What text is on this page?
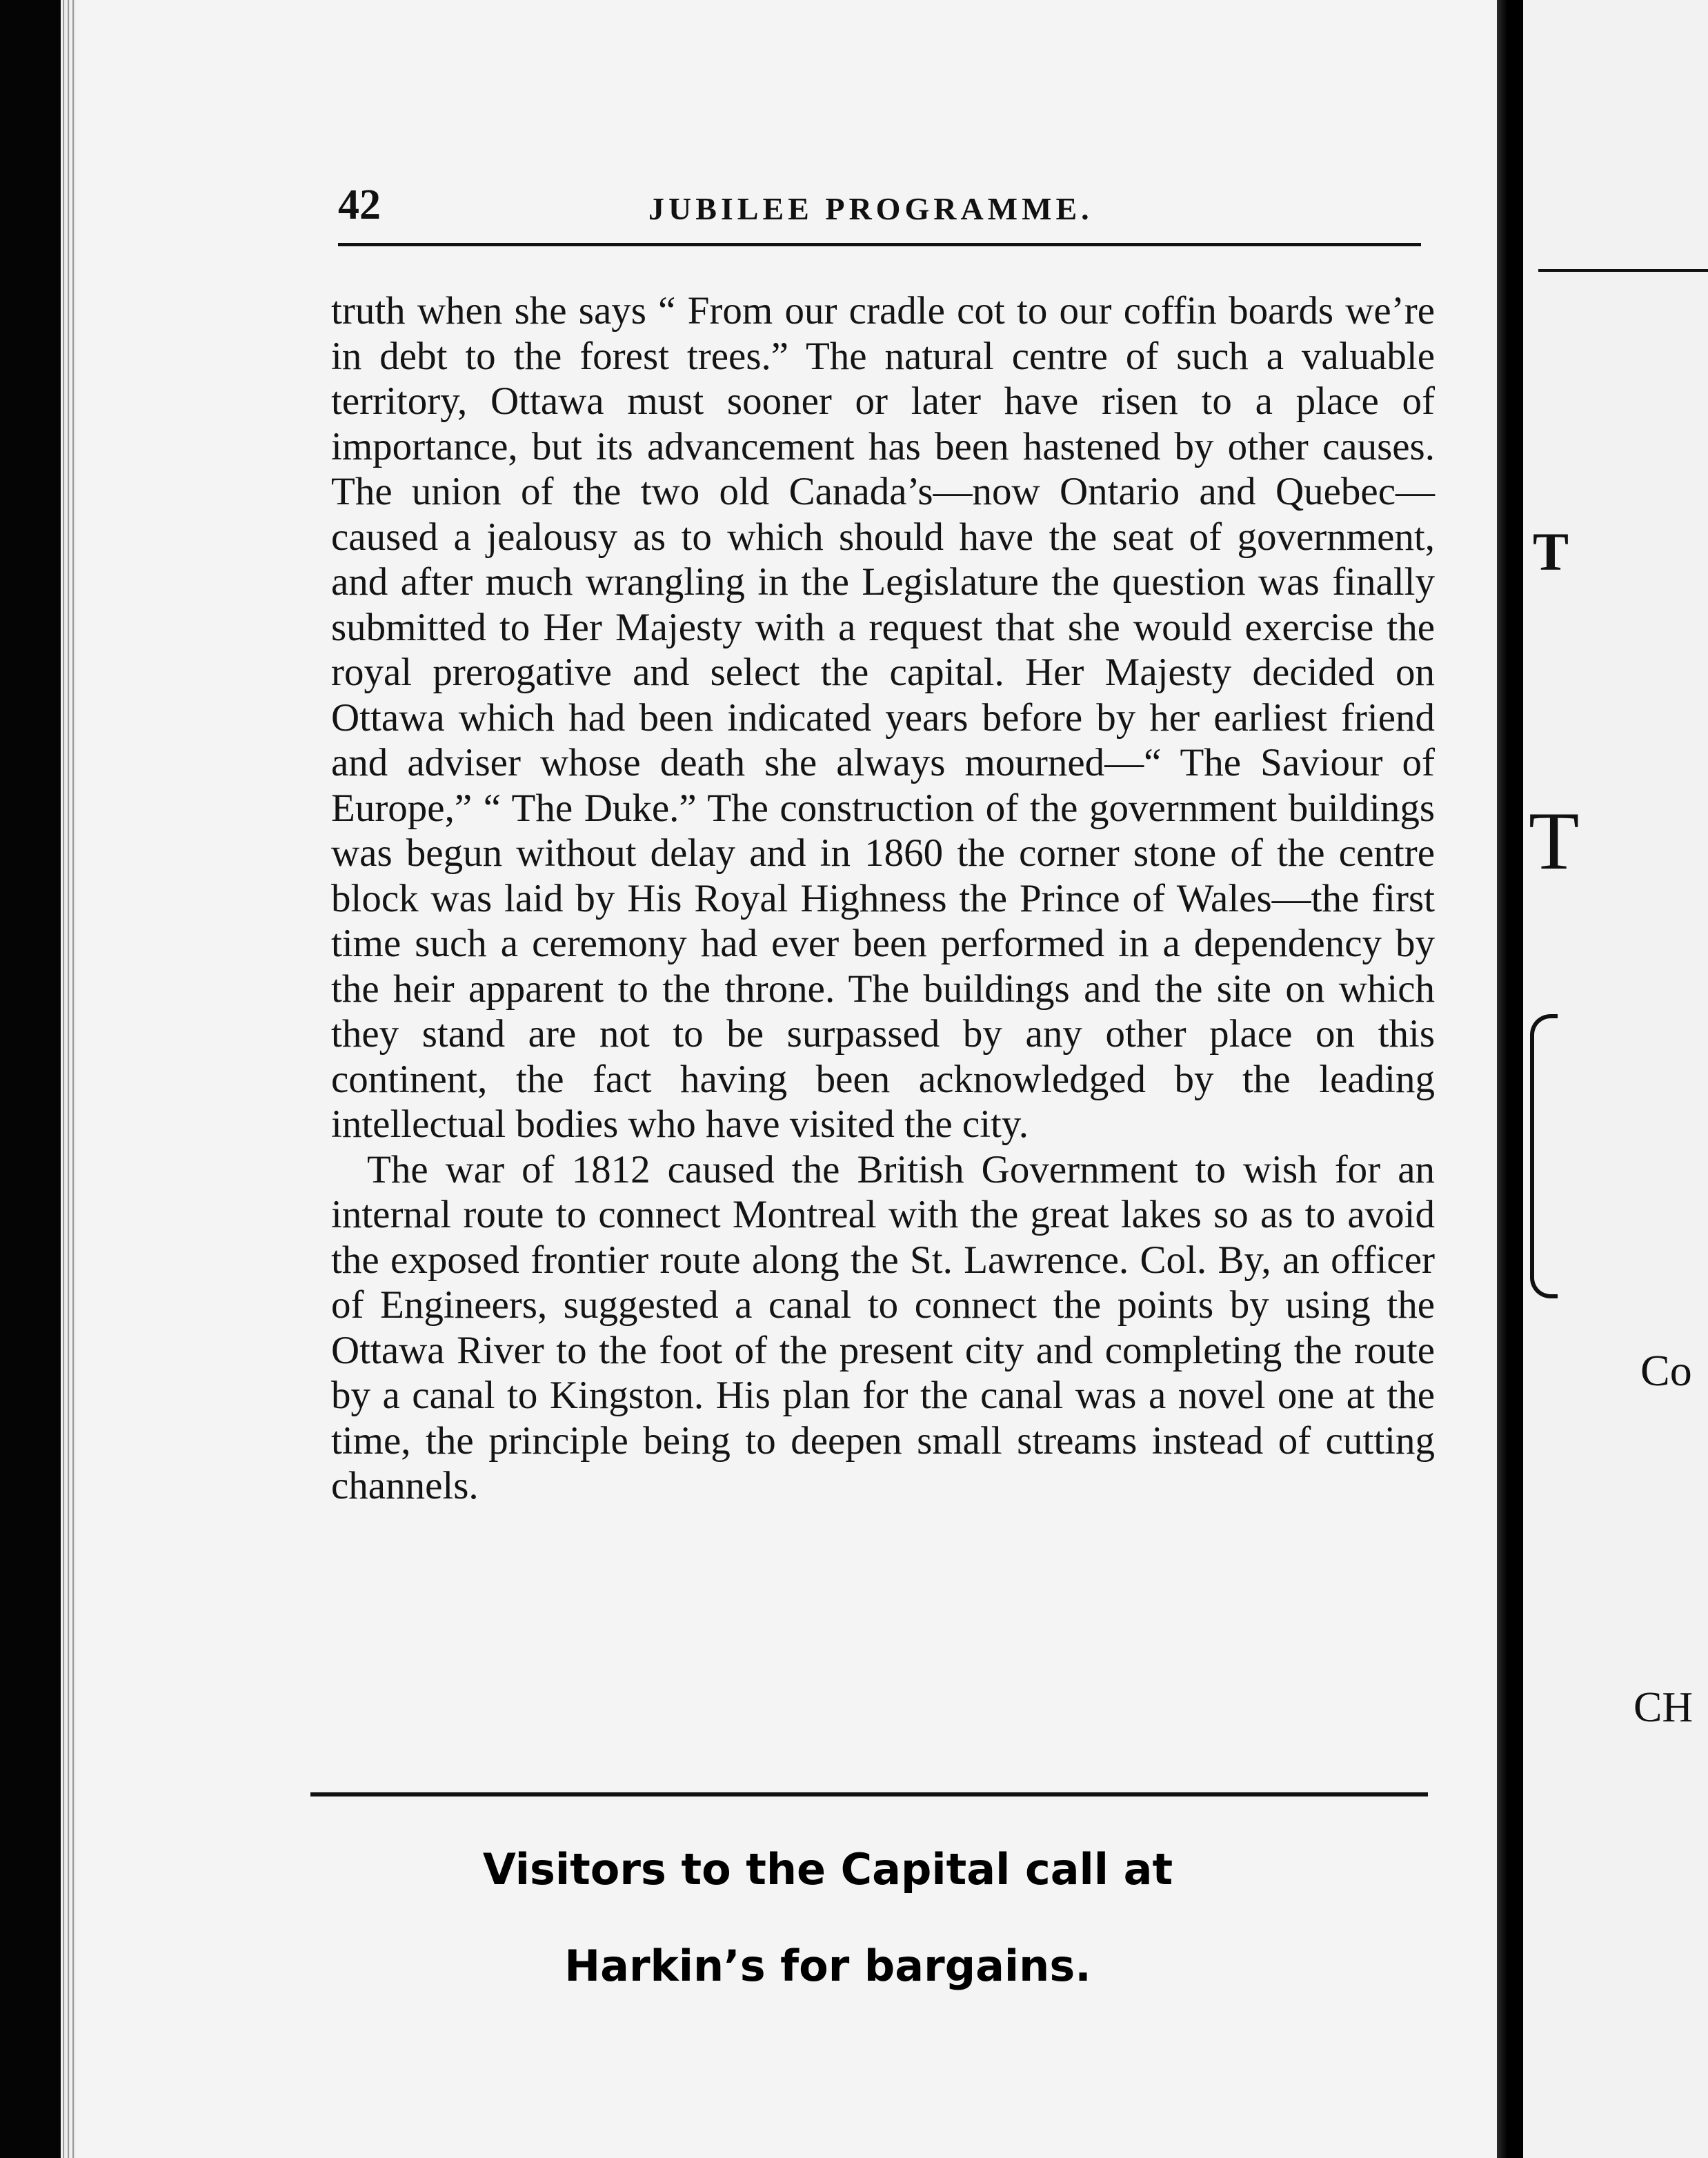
42	JUBILEE PROGRAMME.

truth when she says “ From our cradle cot to our coffin boards we’re in debt to the forest trees.” The natural centre of such a valuable territory, Ottawa must sooner or later have risen to a place of importance, but its advancement has been hastened by other causes. The union of the two old Canada’s—now Ontario and Quebec—caused a jealousy as to which should have the seat of government, and after much wrangling in the Legislature the question was finally submitted to Her Majesty with a request that she would exercise the royal prerogative and select the capital. Her Majesty decided on Ottawa which had been indicated years before by her earliest friend and adviser whose death she always mourned—“ The Saviour of Europe,” “ The Duke.” The construction of the government buildings was begun without delay and in 1860 the corner stone of the centre block was laid by His Royal Highness the Prince of Wales—the first time such a ceremony had ever been performed in a dependency by the heir apparent to the throne. The buildings and the site on which they stand are not to be surpassed by any other place on this continent, the fact having been acknowledged by the leading intellectual bodies who have visited the city.

The war of 1812 caused the British Government to wish for an internal route to connect Montreal with the great lakes so as to avoid the exposed frontier route along the St. Lawrence. Col. By, an officer of Engineers, suggested a canal to connect the points by using the Ottawa River to the foot of the present city and completing the route by a canal to Kingston. His plan for the canal was a novel one at the time, the principle being to deepen small streams instead of cutting channels.

Visitors to the Capital call at
Harkin’s for bargains.
T
T
Co
CH
